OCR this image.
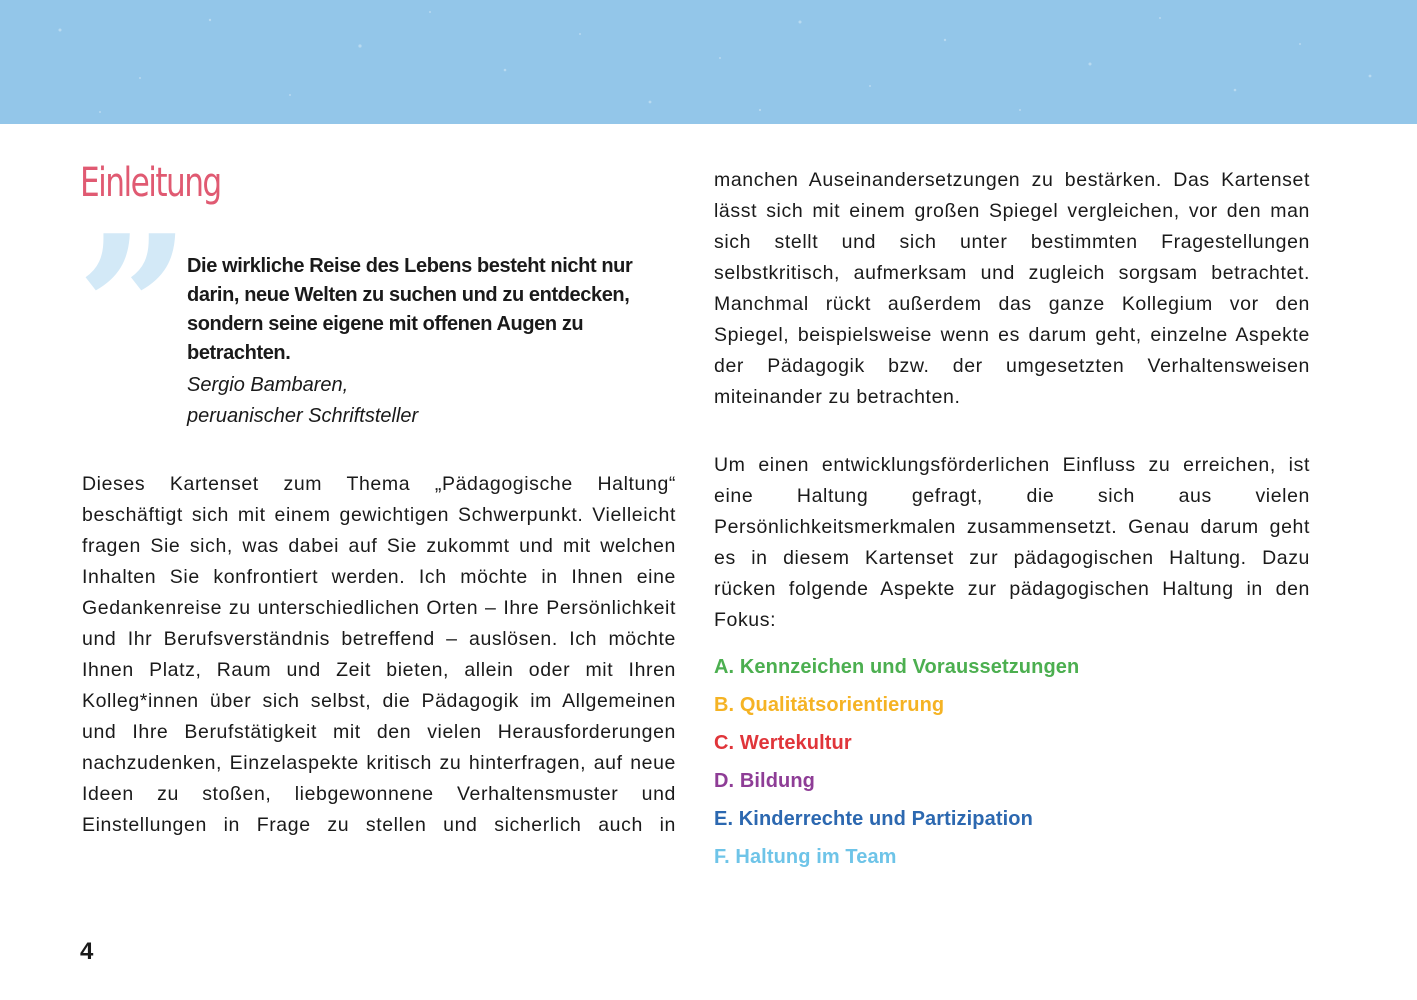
Einleitung
”

Die wirkliche Reise des Lebens besteht nicht nur darin, neue Welten zu suchen und zu entdecken, sondern seine eigene mit offenen Augen zu betrachten.

Sergio Bambaren,
peruanischer Schriftsteller

Dieses Kartenset zum Thema „Pädagogische Haltung“ beschäftigt sich mit einem gewichtigen Schwerpunkt. Vielleicht fragen Sie sich, was dabei auf Sie zukommt und mit welchen Inhalten Sie konfrontiert werden. Ich möchte in Ihnen eine Gedankenreise zu unterschiedlichen Orten – Ihre Persönlichkeit und Ihr Berufsverständnis betreffend – auslösen. Ich möchte Ihnen Platz, Raum und Zeit bieten, allein oder mit Ihren Kolleg*innen über sich selbst, die Pädagogik im Allgemeinen und Ihre Berufstätigkeit mit den vielen Herausforderungen nachzudenken, Einzelaspekte kritisch zu hinterfragen, auf neue Ideen zu stoßen, liebgewonnene Verhaltensmuster und Einstellungen in Frage zu stellen und sicherlich auch in

manchen Auseinandersetzungen zu bestärken. Das Kartenset lässt sich mit einem großen Spiegel vergleichen, vor den man sich stellt und sich unter bestimmten Fragestellungen selbstkritisch, aufmerksam und zugleich sorgsam betrachtet. Manchmal rückt außerdem das ganze Kollegium vor den Spiegel, beispielsweise wenn es darum geht, einzelne Aspekte der Pädagogik bzw. der umgesetzten Verhaltensweisen miteinander zu betrachten.

Um einen entwicklungsförderlichen Einfluss zu erreichen, ist eine Haltung gefragt, die sich aus vielen Persönlichkeitsmerkmalen zusammensetzt. Genau darum geht es in diesem Kartenset zur pädagogischen Haltung. Dazu rücken folgende Aspekte zur pädagogischen Haltung in den Fokus:

A. Kennzeichen und Voraussetzungen
B. Qualitätsorientierung
C. Wertekultur
D. Bildung
E. Kinderrechte und Partizipation
F. Haltung im Team
4
